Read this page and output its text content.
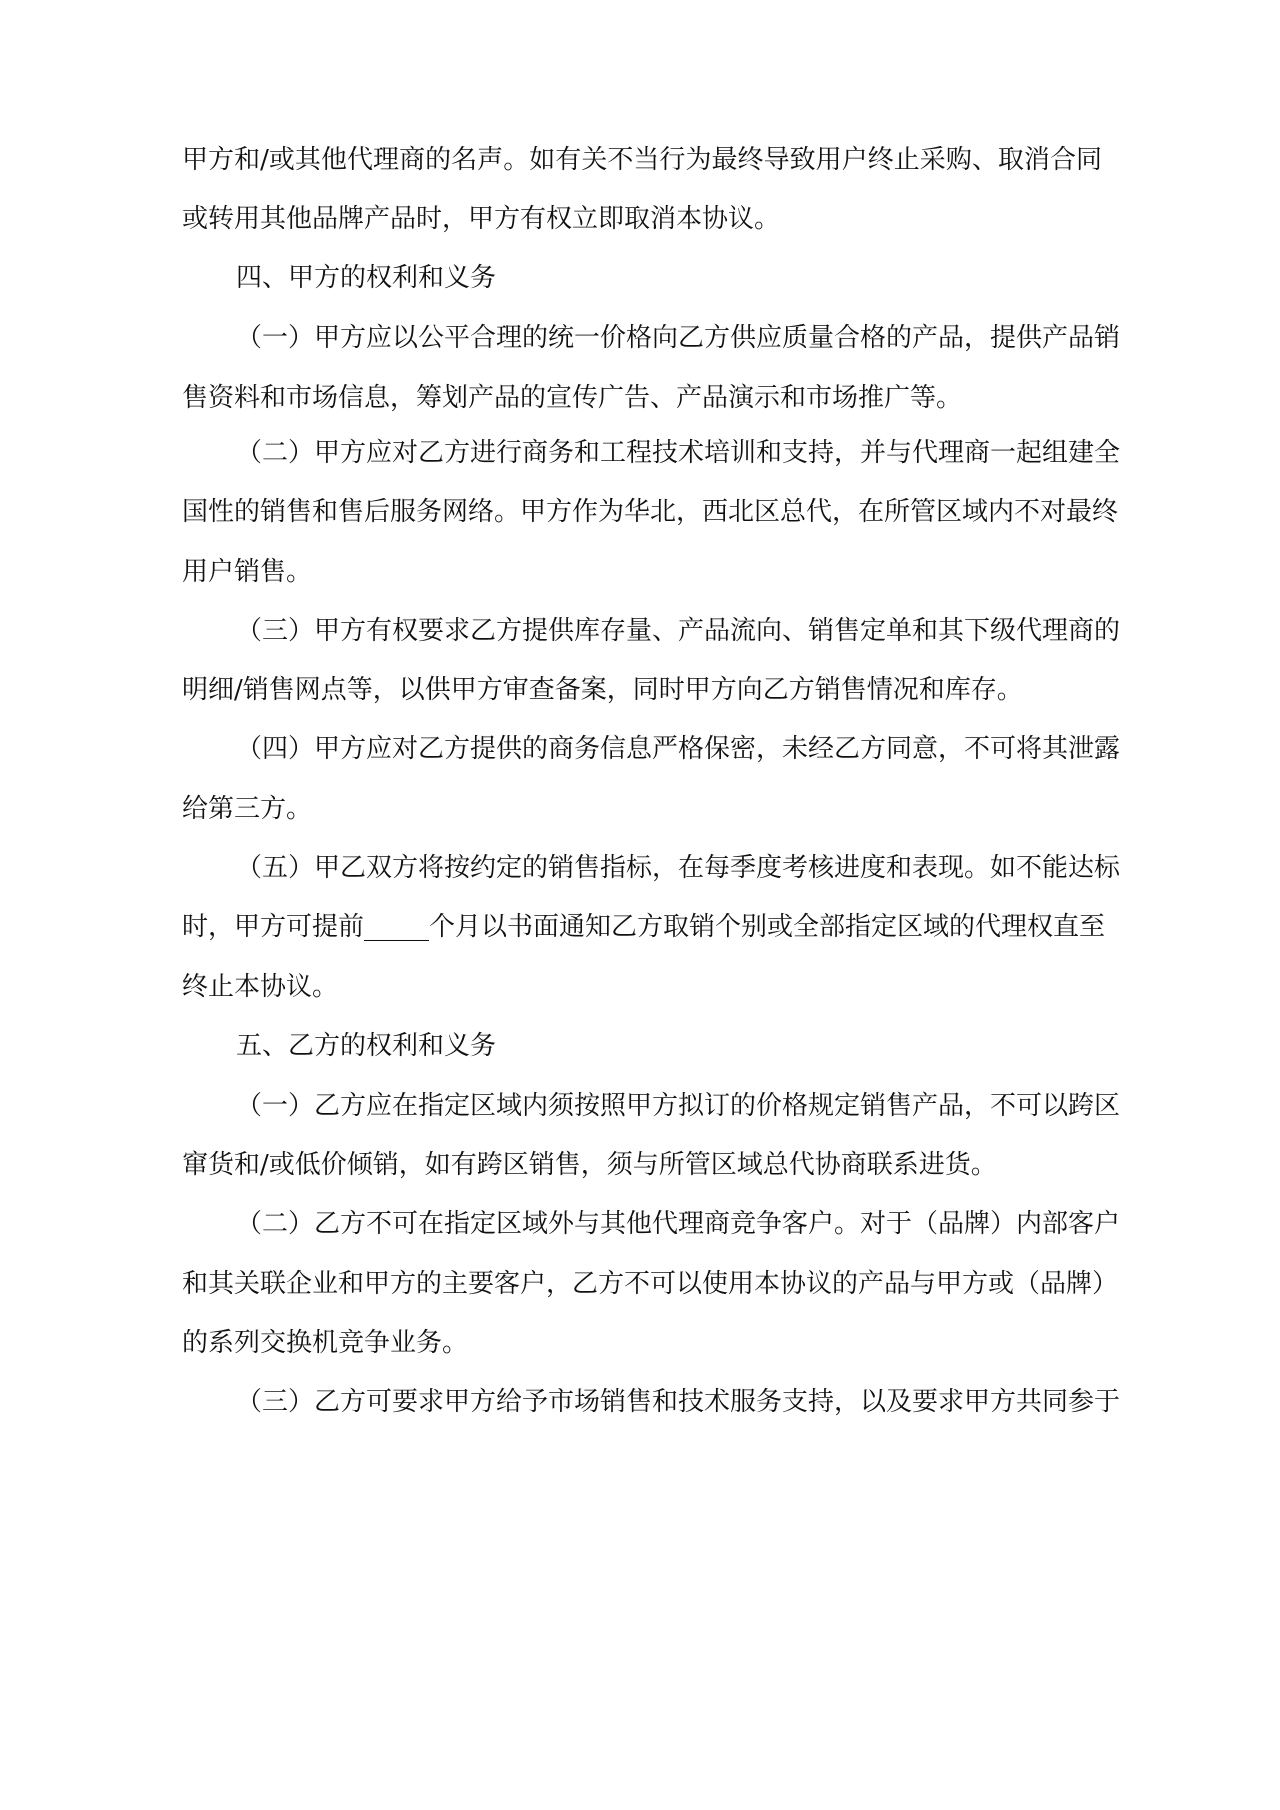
甲方和/或其他代理商的名声。如有关不当行为最终导致用户终止采购、取消合同
或转用其他品牌产品时，甲方有权立即取消本协议。
四、甲方的权利和义务
（一）甲方应以公平合理的统一价格向乙方供应质量合格的产品，提供产品销
售资料和市场信息，筹划产品的宣传广告、产品演示和市场推广等。
（二）甲方应对乙方进行商务和工程技术培训和支持，并与代理商一起组建全
国性的销售和售后服务网络。甲方作为华北，西北区总代，在所管区域内不对最终
用户销售。
（三）甲方有权要求乙方提供库存量、产品流向、销售定单和其下级代理商的
明细/销售网点等，以供甲方审查备案，同时甲方向乙方销售情况和库存。
（四）甲方应对乙方提供的商务信息严格保密，未经乙方同意，不可将其泄露
给第三方。
（五）甲乙双方将按约定的销售指标，在每季度考核进度和表现。如不能达标
时，甲方可提前_____个月以书面通知乙方取销个别或全部指定区域的代理权直至
终止本协议。
五、乙方的权利和义务
（一）乙方应在指定区域内须按照甲方拟订的价格规定销售产品，不可以跨区
窜货和/或低价倾销，如有跨区销售，须与所管区域总代协商联系进货。
（二）乙方不可在指定区域外与其他代理商竞争客户。对于（品牌）内部客户
和其关联企业和甲方的主要客户，乙方不可以使用本协议的产品与甲方或（品牌）
的系列交换机竞争业务。
（三）乙方可要求甲方给予市场销售和技术服务支持，以及要求甲方共同参于
